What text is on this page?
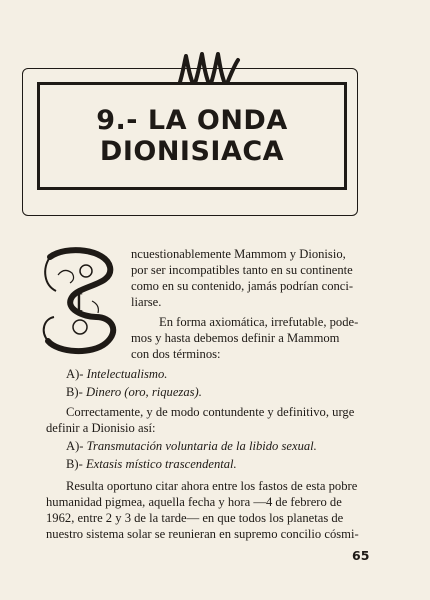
9.- LA ONDA
DIONISIACA
I
ncuestionablemente Mammom y Dionisio,
por ser incompatibles tanto en su continente
como en su contenido, jamás podrían conci-
liarse.
En forma axiomática, irrefutable, pode-
mos y hasta debemos definir a Mammom
con dos términos:
A)- Intelectualismo.
B)- Dinero (oro, riquezas).
Correctamente, y de modo contundente y definitivo, urge
definir a Dionisio así:
A)- Transmutación voluntaria de la libido sexual.
B)- Extasis místico trascendental.
Resulta oportuno citar ahora entre los fastos de esta pobre
humanidad pigmea, aquella fecha y hora —4 de febrero de
1962, entre 2 y 3 de la tarde— en que todos los planetas de
nuestro sistema solar se reunieran en supremo concilio cósmi-
65
